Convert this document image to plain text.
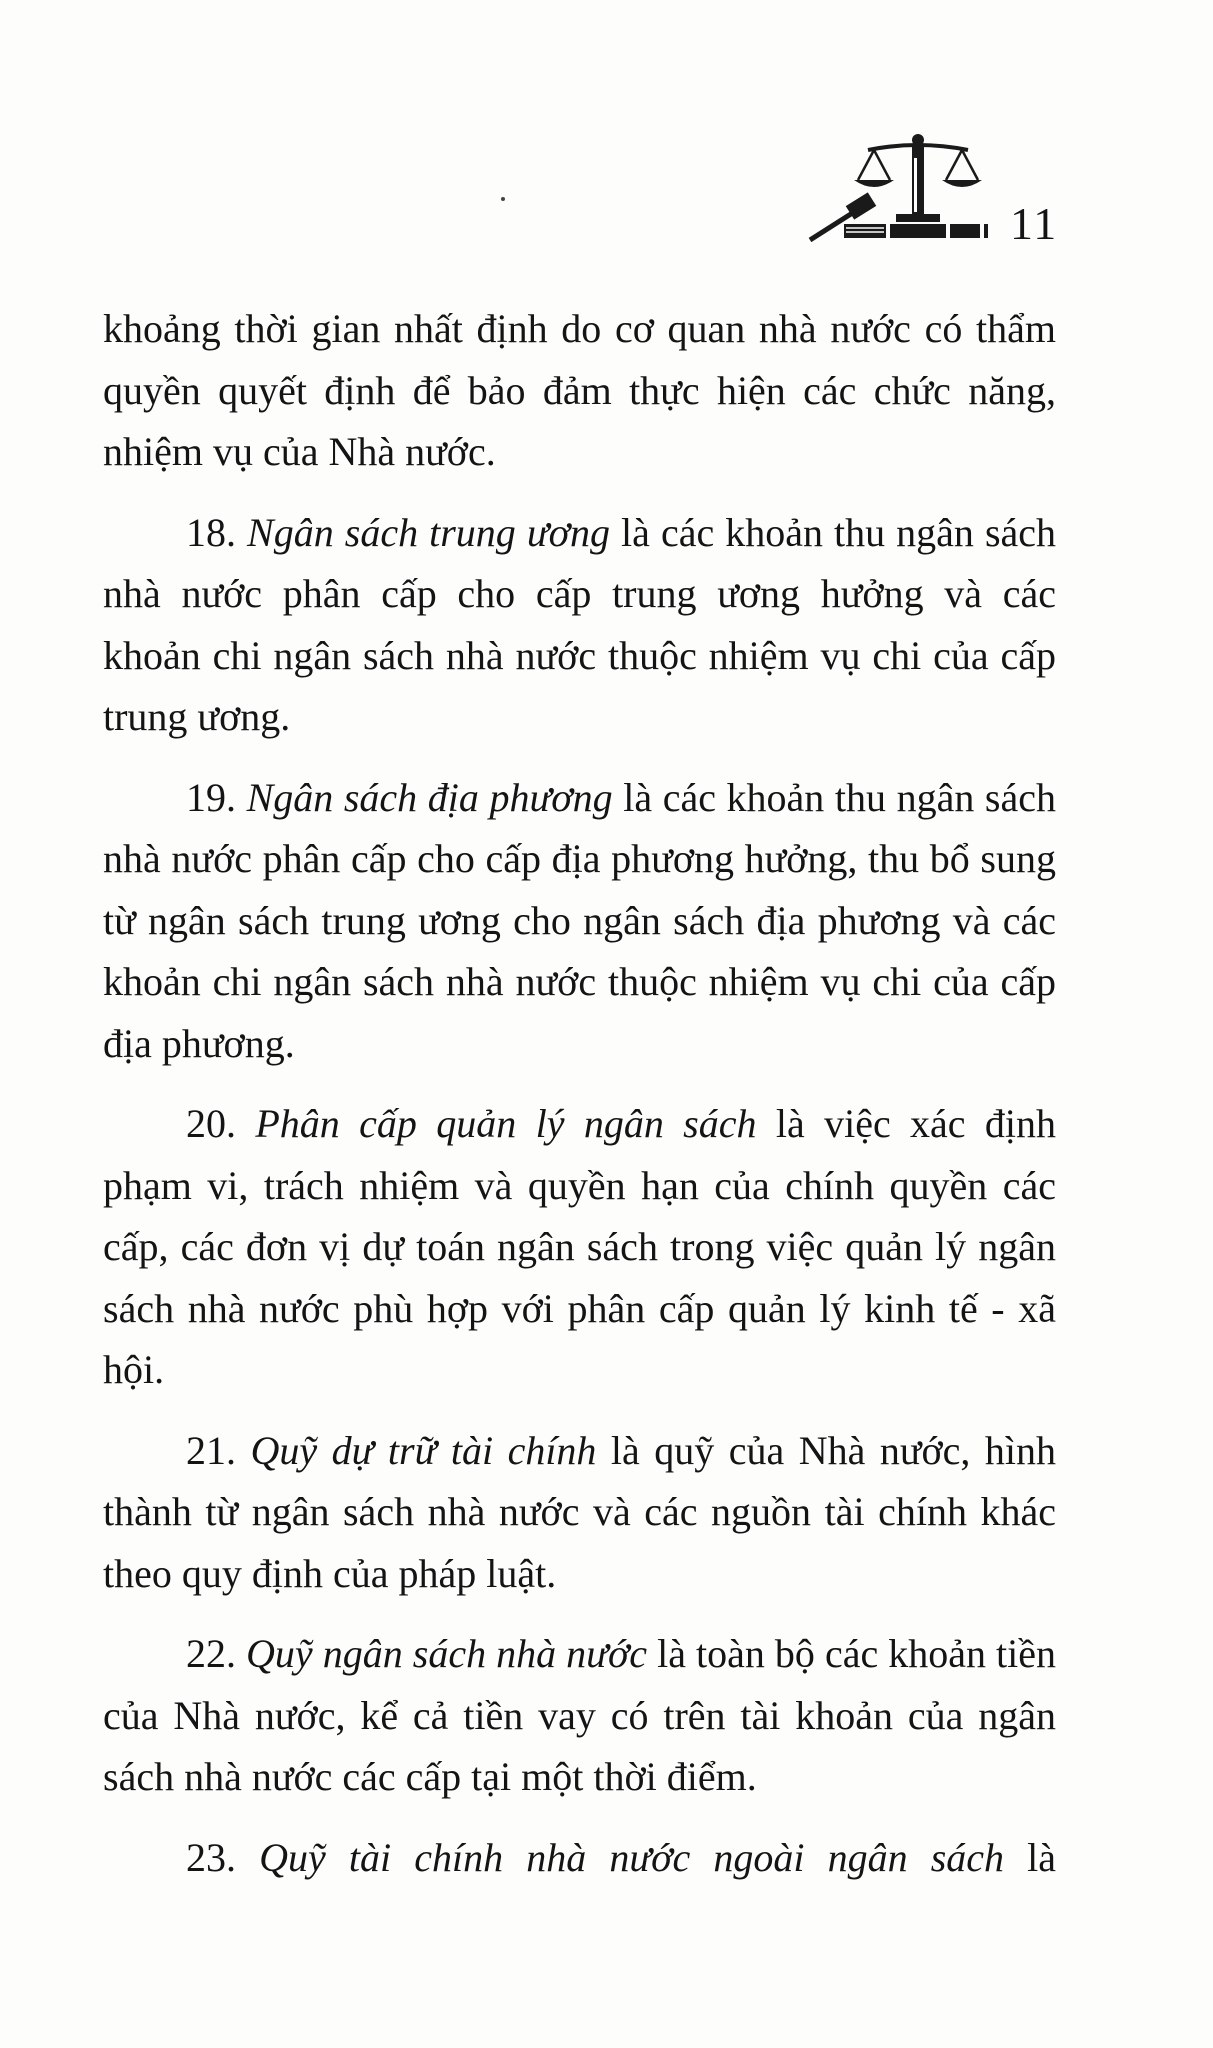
11

khoảng thời gian nhất định do cơ quan nhà nước có thẩm quyền quyết định để bảo đảm thực hiện các chức năng, nhiệm vụ của Nhà nước.

18. Ngân sách trung ương là các khoản thu ngân sách nhà nước phân cấp cho cấp trung ương hưởng và các khoản chi ngân sách nhà nước thuộc nhiệm vụ chi của cấp trung ương.

19. Ngân sách địa phương là các khoản thu ngân sách nhà nước phân cấp cho cấp địa phương hưởng, thu bổ sung từ ngân sách trung ương cho ngân sách địa phương và các khoản chi ngân sách nhà nước thuộc nhiệm vụ chi của cấp địa phương.

20. Phân cấp quản lý ngân sách là việc xác định phạm vi, trách nhiệm và quyền hạn của chính quyền các cấp, các đơn vị dự toán ngân sách trong việc quản lý ngân sách nhà nước phù hợp với phân cấp quản lý kinh tế - xã hội.

21. Quỹ dự trữ tài chính là quỹ của Nhà nước, hình thành từ ngân sách nhà nước và các nguồn tài chính khác theo quy định của pháp luật.

22. Quỹ ngân sách nhà nước là toàn bộ các khoản tiền của Nhà nước, kể cả tiền vay có trên tài khoản của ngân sách nhà nước các cấp tại một thời điểm.

23. Quỹ tài chính nhà nước ngoài ngân sách là
